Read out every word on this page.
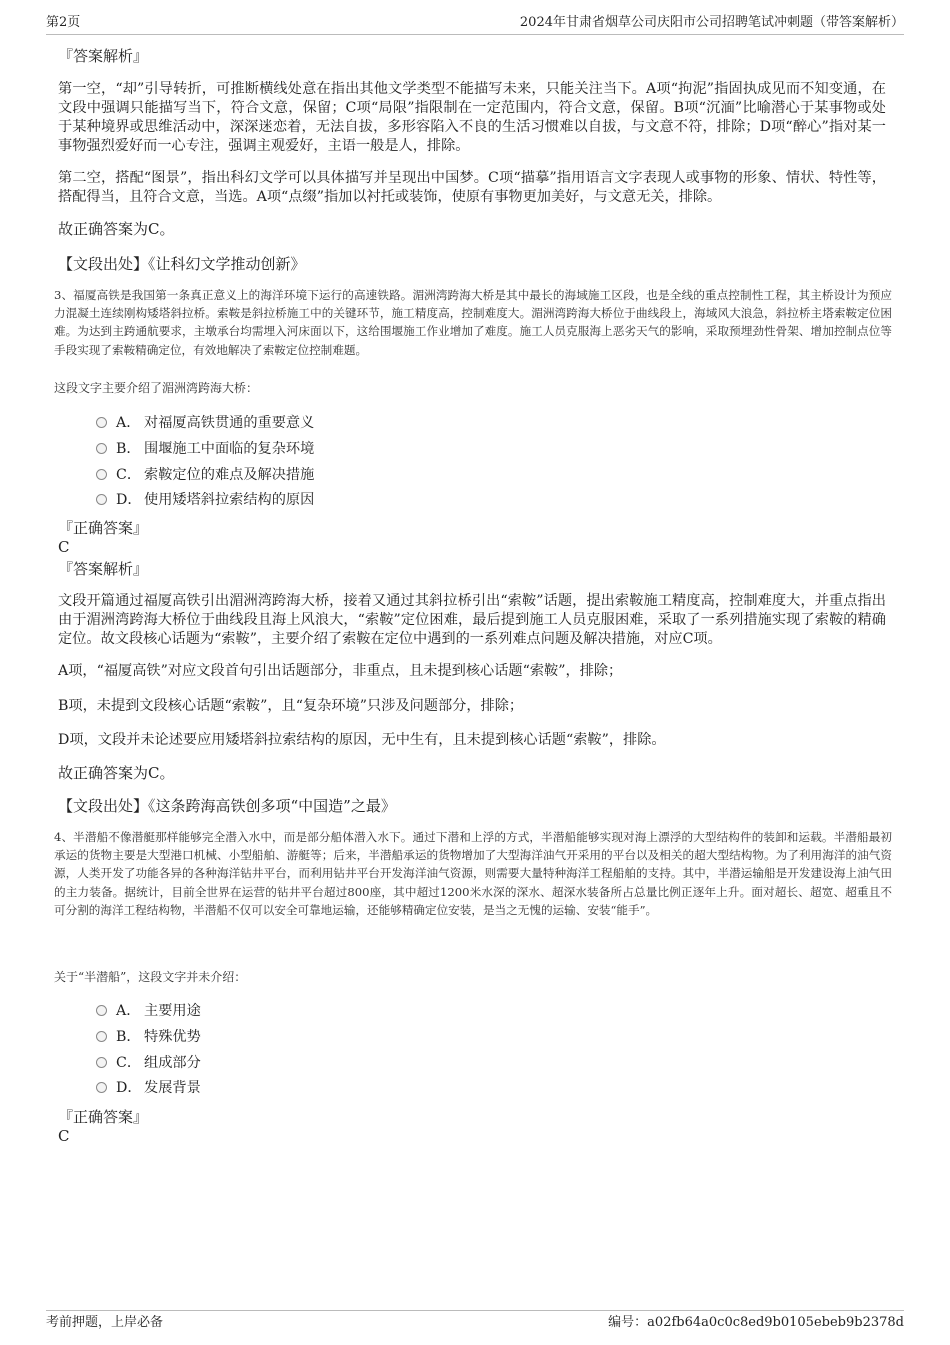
第2页	2024年甘肃省烟草公司庆阳市公司招聘笔试冲刺题（带答案解析）
『答案解析』
第一空，“却”引导转折，可推断横线处意在指出其他文学类型不能描写未来，只能关注当下。A项“拘泥”指固执成见而不知变通，在文段中强调只能描写当下，符合文意，保留；C项“局限”指限制在一定范围内，符合文意，保留。B项“沉湎”比喻潜心于某事物或处于某种境界或思维活动中，深深迷恋着，无法自拔，多形容陷入不良的生活习惯难以自拔，与文意不符，排除；D项“醉心”指对某一事物强烈爱好而一心专注，强调主观爱好，主语一般是人，排除。
第二空，搭配“图景”，指出科幻文学可以具体描写并呈现出中国梦。C项“描摹”指用语言文字表现人或事物的形象、情状、特性等，搭配得当，且符合文意，当选。A项“点缀”指加以衬托或装饰，使原有事物更加美好，与文意无关，排除。
故正确答案为C。
【文段出处】《让科幻文学推动创新》
3、福厦高铁是我国第一条真正意义上的海洋环境下运行的高速铁路。湄洲湾跨海大桥是其中最长的海域施工区段，也是全线的重点控制性工程，其主桥设计为预应力混凝土连续刚构矮塔斜拉桥。索鞍是斜拉桥施工中的关键环节，施工精度高，控制难度大。湄洲湾跨海大桥位于曲线段上，海域风大浪急，斜拉桥主塔索鞍定位困难。为达到主跨通航要求，主墩承台均需埋入河床面以下，这给围堰施工作业增加了难度。施工人员克服海上恶劣天气的影响，采取预埋劲性骨架、增加控制点位等手段实现了索鞍精确定位，有效地解决了索鞍定位控制难题。
这段文字主要介绍了湄洲湾跨海大桥：
A． 对福厦高铁贯通的重要意义
B． 围堰施工中面临的复杂环境
C． 索鞍定位的难点及解决措施
D． 使用矮塔斜拉索结构的原因
『正确答案』
C
『答案解析』
文段开篇通过福厦高铁引出湄洲湾跨海大桥，接着又通过其斜拉桥引出“索鞍”话题，提出索鞍施工精度高，控制难度大，并重点指出由于湄洲湾跨海大桥位于曲线段且海上风浪大，“索鞍”定位困难，最后提到施工人员克服困难，采取了一系列措施实现了索鞍的精确定位。故文段核心话题为“索鞍”，主要介绍了索鞍在定位中遇到的一系列难点问题及解决措施，对应C项。
A项，“福厦高铁”对应文段首句引出话题部分，非重点，且未提到核心话题“索鞍”，排除；
B项，未提到文段核心话题“索鞍”，且“复杂环境”只涉及问题部分，排除；
D项，文段并未论述要应用矮塔斜拉索结构的原因，无中生有，且未提到核心话题“索鞍”，排除。
故正确答案为C。
【文段出处】《这条跨海高铁创多项“中国造”之最》
4、半潜船不像潜艇那样能够完全潜入水中，而是部分船体潜入水下。通过下潜和上浮的方式，半潜船能够实现对海上漂浮的大型结构件的装卸和运载。半潜船最初承运的货物主要是大型港口机械、小型船舶、游艇等；后来，半潜船承运的货物增加了大型海洋油气开采用的平台以及相关的超大型结构物。为了利用海洋的油气资源，人类开发了功能各异的各种海洋钻井平台，而利用钻井平台开发海洋油气资源，则需要大量特种海洋工程船舶的支持。其中，半潜运输船是开发建设海上油气田的主力装备。据统计，目前全世界在运营的钻井平台超过800座，其中超过1200米水深的深水、超深水装备所占总量比例正逐年上升。面对超长、超宽、超重且不可分割的海洋工程结构物，半潜船不仅可以安全可靠地运输，还能够精确定位安装，是当之无愧的运输、安装“能手”。
关于“半潜船”，这段文字并未介绍：
A． 主要用途
B． 特殊优势
C． 组成部分
D． 发展背景
『正确答案』
C
考前押题，上岸必备	编号：a02fb64a0c0c8ed9b0105ebeb9b2378d
